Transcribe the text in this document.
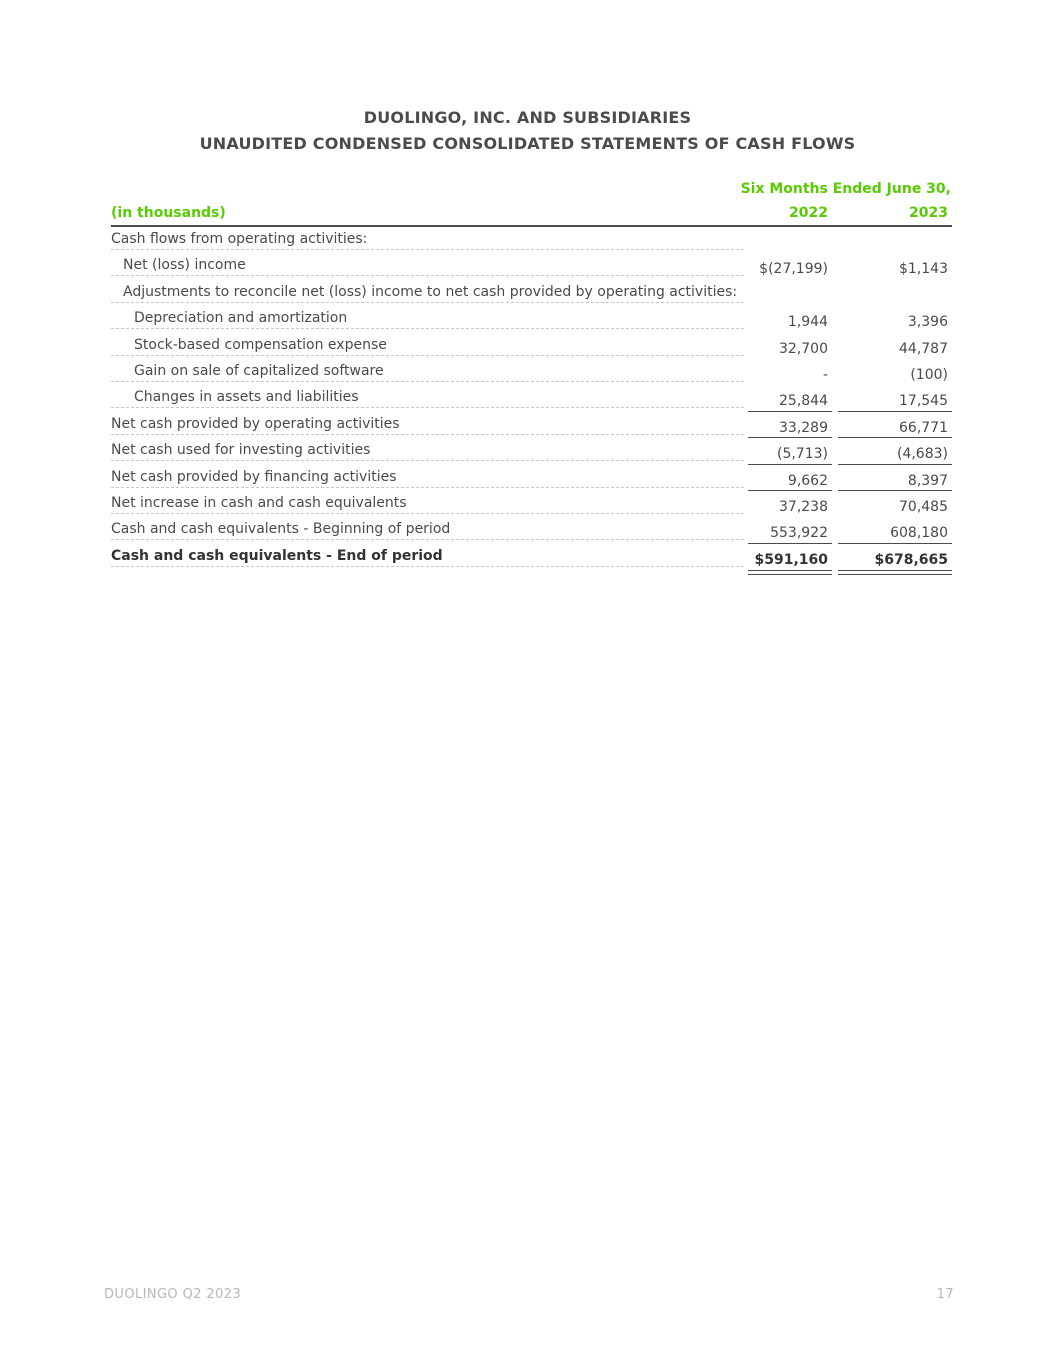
DUOLINGO, INC. AND SUBSIDIARIES
UNAUDITED CONDENSED CONSOLIDATED STATEMENTS OF CASH FLOWS
Six Months Ended June 30,
(in thousands)	2022	2023
Cash flows from operating activities:
Net (loss) income	$(27,199)	$1,143
Adjustments to reconcile net (loss) income to net cash provided by operating activities:
Depreciation and amortization	1,944	3,396
Stock-based compensation expense	32,700	44,787
Gain on sale of capitalized software	-	(100)
Changes in assets and liabilities	25,844	17,545
Net cash provided by operating activities	33,289	66,771
Net cash used for investing activities	(5,713)	(4,683)
Net cash provided by financing activities	9,662	8,397
Net increase in cash and cash equivalents	37,238	70,485
Cash and cash equivalents - Beginning of period	553,922	608,180
Cash and cash equivalents - End of period	$591,160	$678,665
DUOLINGO Q2 2023	17
